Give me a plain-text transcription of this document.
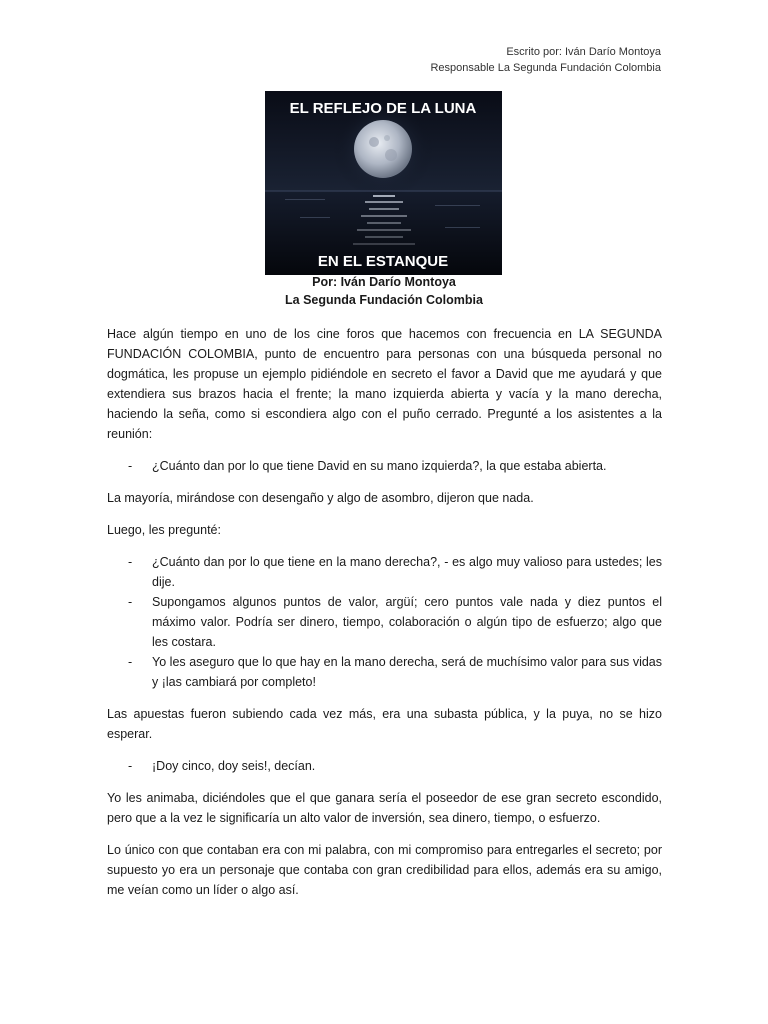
Escrito por: Iván Darío Montoya
Responsable La Segunda Fundación Colombia
EL REFLEJO DE LA LUNA
EN EL ESTANQUE
Por: Iván Darío Montoya
La Segunda Fundación Colombia

Hace algún tiempo en uno de los cine foros que hacemos con frecuencia en LA SEGUNDA FUNDACIÓN COLOMBIA, punto de encuentro para personas con una búsqueda personal no dogmática, les propuse un ejemplo pidiéndole en secreto el favor a David que me ayudará y que extendiera sus brazos hacia el frente; la mano izquierda abierta y vacía y la mano derecha, haciendo la seña, como si escondiera algo con el puño cerrado. Pregunté a los asistentes a la reunión:

-	¿Cuánto dan por lo que tiene David en su mano izquierda?, la que estaba abierta.

La mayoría, mirándose con desengaño y algo de asombro, dijeron que nada.

Luego, les pregunté:

-	¿Cuánto dan por lo que tiene en la mano derecha?, - es algo muy valioso para ustedes; les dije.
-	Supongamos algunos puntos de valor, argüí; cero puntos vale nada y diez puntos el máximo valor. Podría ser dinero, tiempo, colaboración o algún tipo de esfuerzo; algo que les costara.
-	Yo les aseguro que lo que hay en la mano derecha, será de muchísimo valor para sus vidas y ¡las cambiará por completo!

Las apuestas fueron subiendo cada vez más, era una subasta pública, y la puya, no se hizo esperar.

-	¡Doy cinco, doy seis!, decían.

Yo les animaba, diciéndoles que el que ganara sería el poseedor de ese gran secreto escondido, pero que a la vez le significaría un alto valor de inversión, sea dinero, tiempo, o esfuerzo.

Lo único con que contaban era con mi palabra, con mi compromiso para entregarles el secreto; por supuesto yo era un personaje que contaba con gran credibilidad para ellos, además era su amigo, me veían como un líder o algo así.
